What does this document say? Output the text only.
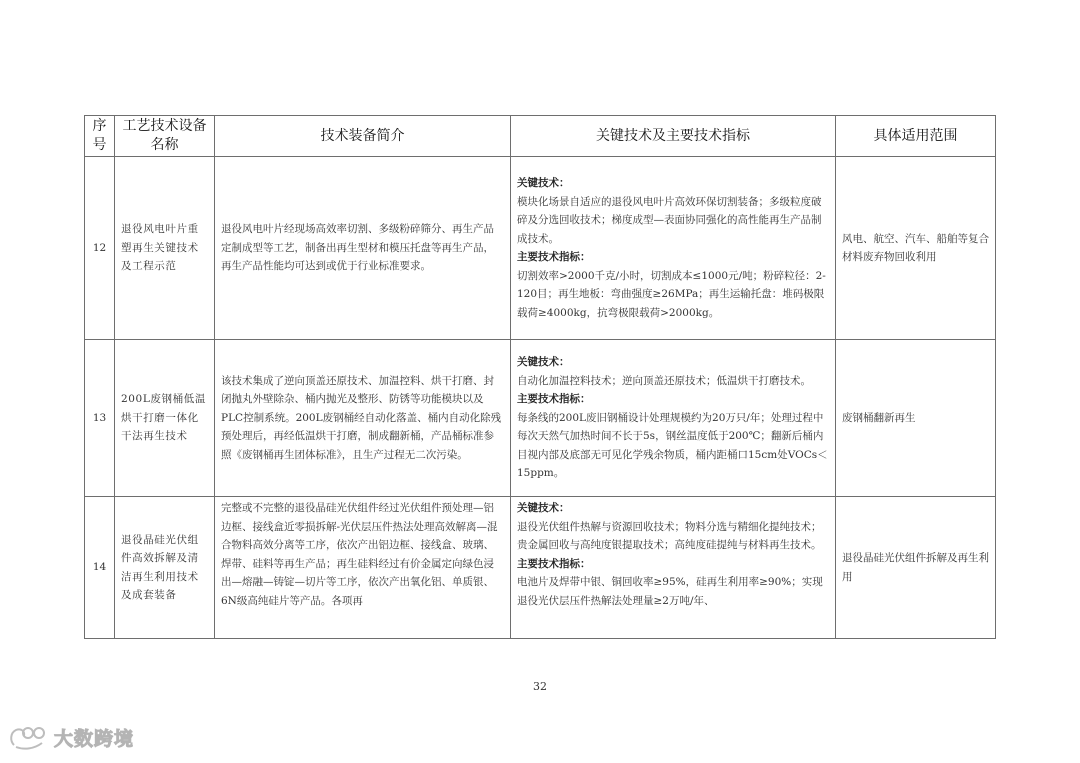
序号	工艺技术设备名称	技术装备简介	关键技术及主要技术指标	具体适用范围
12	退役风电叶片重塑再生关键技术及工程示范	退役风电叶片经现场高效率切割、多级粉碎筛分、再生产品定制成型等工艺，制备出再生型材和模压托盘等再生产品，再生产品性能均可达到或优于行业标准要求。	关键技术：
模块化场景自适应的退役风电叶片高效环保切割装备；多级粒度破碎及分选回收技术；梯度成型—表面协同强化的高性能再生产品制成技术。
主要技术指标：
切割效率>2000千克/小时，切割成本≤1000元/吨；粉碎粒径：2-120目；再生地板：弯曲强度≥26MPa；再生运输托盘：堆码极限载荷≥4000kg，抗弯极限载荷>2000kg。	风电、航空、汽车、船舶等复合材料废弃物回收利用
13	200L废钢桶低温烘干打磨一体化干法再生技术	该技术集成了逆向顶盖还原技术、加温控料、烘干打磨、封闭抛丸外壁除杂、桶内抛光及整形、防锈等功能模块以及PLC控制系统。200L废钢桶经自动化落盖、桶内自动化除残预处理后，再经低温烘干打磨，制成翻新桶，产品桶标准参照《废钢桶再生团体标准》，且生产过程无二次污染。	关键技术：
自动化加温控料技术；逆向顶盖还原技术；低温烘干打磨技术。
主要技术指标：
每条线的200L废旧钢桶设计处理规模约为20万只/年；处理过程中每次天然气加热时间不长于5s，钢丝温度低于200℃；翻新后桶内目视内部及底部无可见化学残余物质，桶内距桶口15cm处VOCs＜15ppm。	废钢桶翻新再生
14	退役晶硅光伏组件高效拆解及清洁再生利用技术及成套装备	完整或不完整的退役晶硅光伏组件经过光伏组件预处理—铝边框、接线盒近零损拆解-光伏层压件热法处理高效解离—混合物料高效分离等工序，依次产出铝边框、接线盒、玻璃、焊带、硅料等再生产品；再生硅料经过有价金属定向绿色浸出—熔融—铸锭—切片等工序，依次产出氧化铝、单质银、6N级高纯硅片等产品。各项再	关键技术：
退役光伏组件热解与资源回收技术；物料分选与精细化提纯技术；贵金属回收与高纯度银提取技术；高纯度硅提纯与材料再生技术。
主要技术指标：
电池片及焊带中银、铜回收率≥95%，硅再生利用率≥90%；实现退役光伏层压件热解法处理量≥2万吨/年、	退役晶硅光伏组件拆解及再生利用
32
大数跨境
